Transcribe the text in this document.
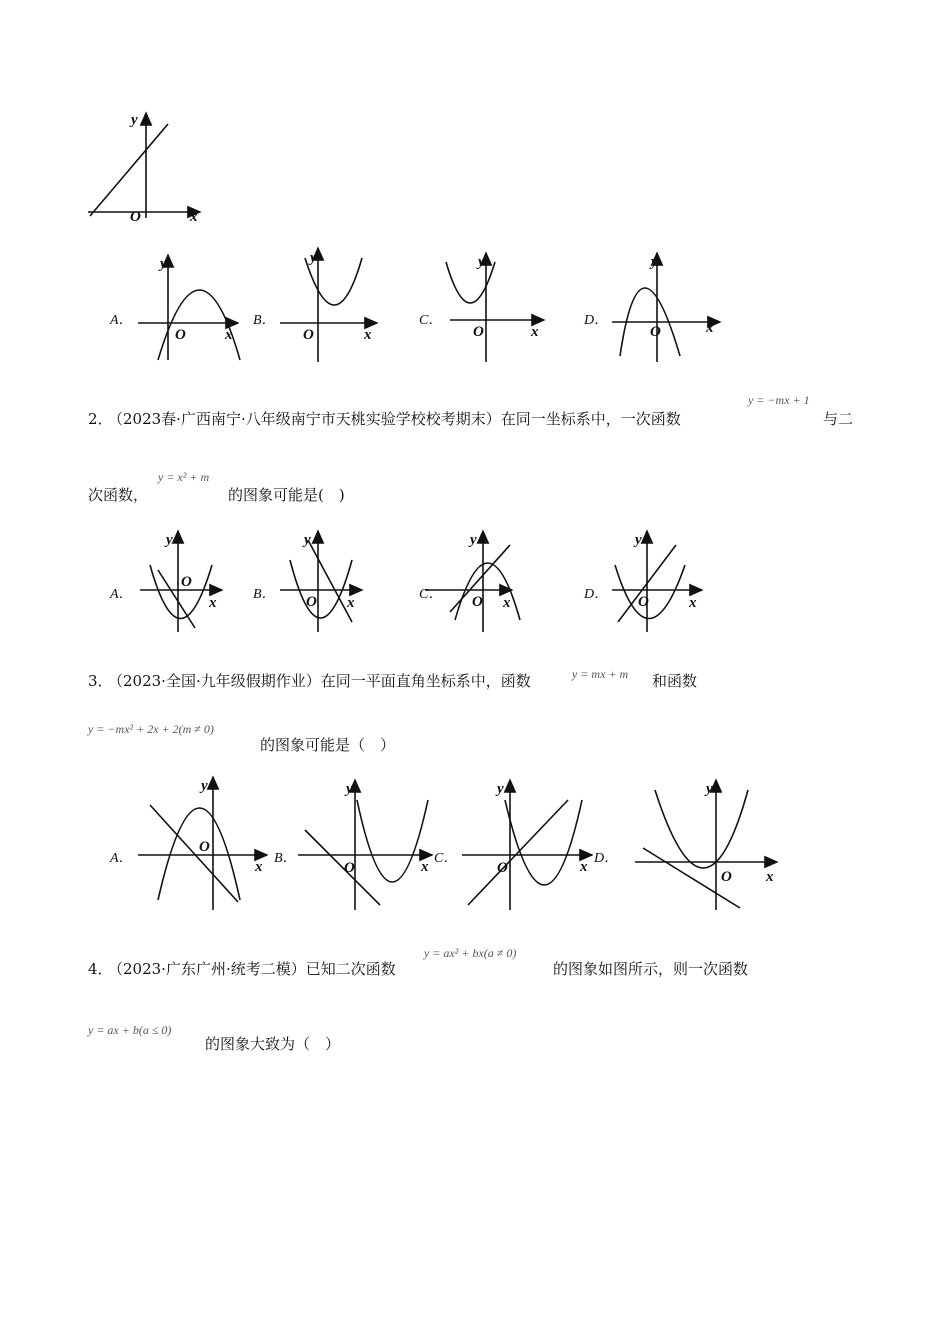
y
O	x
y
O	x
y
O	x
y
O	x
y
O	x
y
O
x
y
O x
y
O x
y
O	x
y
O
x
y
O	x
y
O	x
y
O x
A．	B．	C．	D．
2．
（2023春·广西南宁·八年级南宁市天桃实验学校校考期末）在同一坐标系中，一次函数
y = −mx + 1
与二
次函数，
y = x² + m
的图象可能是(　)
A．	B．	C．	D．
3．
（2023·全国·九年级假期作业）在同一平面直角坐标系中，函数	y = mx + m 和函数
y = −mx² + 2x + 2(m ≠ 0)
的图象可能是（　）
A．	B．	C．	D．
4．
（2023·广东广州·统考二模）已知二次函数
y = ax² + bx(a ≠ 0)
的图象如图所示，则一次函数
y = ax + b(a ≤ 0)
的图象大致为（　）
